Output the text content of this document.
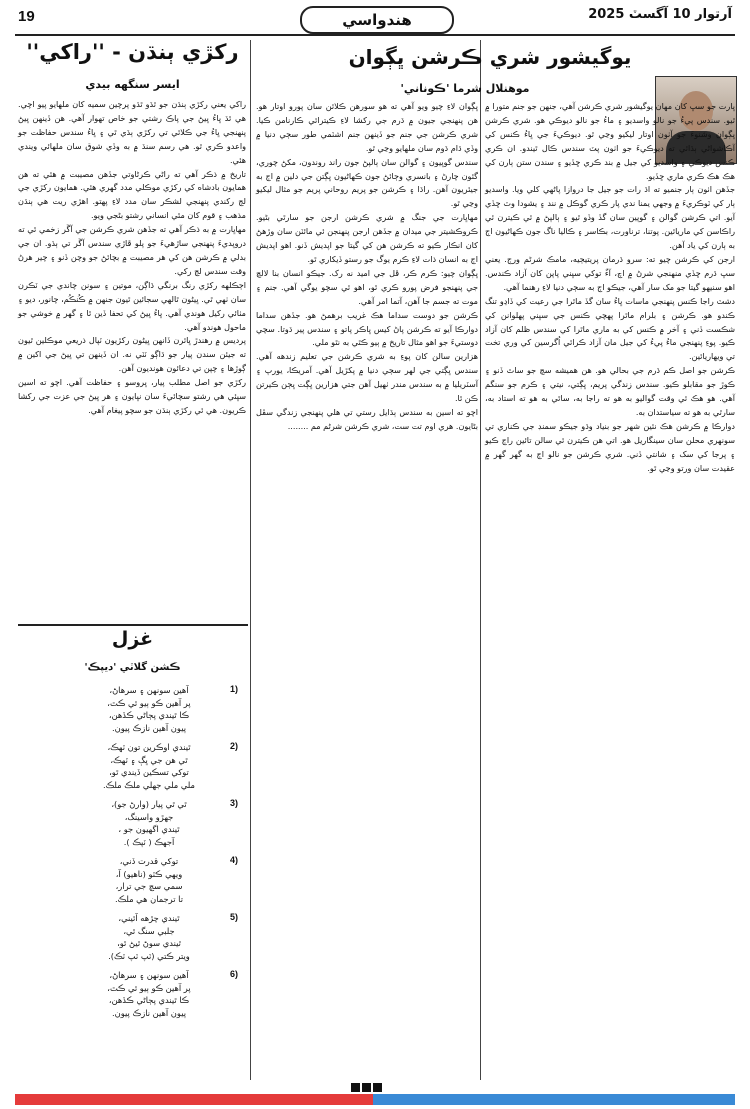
19	هندواسي	آرتوار 10 آگسٽ 2025
يوگيشور شري ڪرشن ڀڳوان
موهنلال شرما 'ڪوناني'

ڀارت جو سڀ کان مهان يوگيشور شري ڪرشن آهي، جنهن جو جنم متورا ۾ ٿيو. سندس پيءُ جو نالو واسديو ۽ ماءُ جو نالو ديوڪي هو. شري ڪرشن ڀڳوان وشنوءَ جو آٺون اوتار ليکيو وڃي ٿو. ديوڪيءَ جي ڀاءُ ڪنس کي آڪاشواڻي ٻڌائي ته ديوڪيءَ جو اٺون پٽ سندس ڪال ٿيندو. ان ڪري ڪنس ديوڪي ۽ واسديو کي جيل ۾ بند ڪري ڇڏيو ۽ سندن ستن ٻارن کي هڪ هڪ ڪري ماري ڇڏيو.

جڏهن اٺون ٻار جنميو ته اڌ رات جو جيل جا دروازا پاڻهي کلي ويا. واسديو ٻار کي ٽوڪريءَ ۾ وجهي يمنا ندي پار ڪري گوڪل ۾ نند ۽ يشودا وٽ ڇڏي آيو. اتي ڪرشن گوالن ۽ گوپين سان گڏ وڏو ٿيو ۽ ٻالپڻ ۾ ئي ڪيترن ئي راڪاسن کي ماريائين. پوتنا، ترناورت، بڪاسر ۽ ڪاليا ناگ جون ڪهاڻيون اڄ به ٻارن کي ياد آهن.

ارجن کي ڪرشن چيو ته: سرو ڌرمان پريتيڄيه، مامڪ شرڻم ورڄ. يعني سڀ ڌرم ڇڏي منهنجي شرڻ ۾ اچ، آءٌ توکي سڀني پاپن کان آزاد ڪندس. اهو سنيهو گيتا جو مک سار آهي، جيڪو اڄ به سڄي دنيا لاءِ رهنما آهي.

دشٽ راجا ڪنس پنهنجي ماسات ڀاءُ سان گڏ ماٿرا جي رعيت کي ڏاڍو تنگ ڪندو هو. ڪرشن ۽ بلرام ماٿرا پهچي ڪنس جي سڀني پهلوانن کي شڪست ڏني ۽ آخر ۾ ڪنس کي به ماري ماٿرا کي سندس ظلم کان آزاد ڪيو. پوءِ پنهنجي ماءُ پيءُ کي جيل مان آزاد ڪرائي اُگرسين کي وري تخت تي ويهاريائين.

ڪرشن جو اصل ڪم ڌرم جي بحالي هو. هن هميشه سچ جو ساٿ ڏنو ۽ ڪوڙ جو مقابلو ڪيو. سندس زندگي پريم، ڀڳتي، نيتي ۽ ڪرم جو سنگم آهي. هو هڪ ئي وقت گواليو به هو ته راجا به، ساٿي به هو ته استاد به، سارٿي به هو ته سياستدان به.

دوارڪا ۾ ڪرشن هڪ نئين شهر جو بنياد وڌو جيڪو سمنڊ جي ڪناري تي سونهري محلن سان سينگاريل هو. اتي هن ڪيترن ئي سالن تائين راڄ ڪيو ۽ پرجا کي سک ۽ شانتي ڏني. شري ڪرشن جو نالو اڄ به گهر گهر ۾ عقيدت سان ورتو وڃي ٿو.

ڀڳوان لاءِ چيو ويو آهي ته هو سورهن ڪلائن سان پورو اوتار هو. هن پنهنجي جيون ۾ ڌرم جي رکشا لاءِ ڪيترائي ڪارنامن ڪيا. شري ڪرشن جي جنم جو ڏينهن جنم اشٽمي طور سڄي دنيا ۾ وڏي ڌام ڌوم سان ملهايو وڃي ٿو.

سندس گوپيون ۽ گوالن سان ٻالپڻ جون راند روندون، مکڻ چوري، گئون چارڻ ۽ بانسري وڄائڻ جون ڪهاڻيون ڀڳتن جي دلين ۾ اڄ به جيئريون آهن. راڌا ۽ ڪرشن جو پريم روحاني پريم جو مثال ليکيو وڃي ٿو.

مهاڀارت جي جنگ ۾ شري ڪرشن ارجن جو سارٿي بڻيو. ڪروڪشيتر جي ميدان ۾ جڏهن ارجن پنهنجن ئي مائٽن سان وڙهڻ کان انڪار ڪيو ته ڪرشن هن کي گيتا جو اپديش ڏنو. اهو اپديش اڄ به انسان ذات لاءِ ڪرم يوگ جو رستو ڏيکاري ٿو.

ڀڳوان چيو: ڪرم ڪر، ڦل جي اميد نه رک. جيڪو انسان بنا لالچ جي پنهنجو فرض پورو ڪري ٿو، اهو ئي سچو يوگي آهي. جنم ۽ موت ته جسم جا آهن، آتما امر آهي.

ڪرشن جو دوست سداما هڪ غريب برهمڻ هو. جڏهن سداما دوارڪا آيو ته ڪرشن پاڻ کيس ڀاڪر پاتو ۽ سندس پير ڌوتا. سچي دوستيءَ جو اهو مثال تاريخ ۾ ٻيو ڪٿي به نٿو ملي.

هزارين سالن کان پوءِ به شري ڪرشن جي تعليم زندهه آهي. سندس ڀڳتي جي لهر سڄي دنيا ۾ پکڙيل آهي. آمريڪا، يورپ ۽ آسٽريليا ۾ به سندس مندر ٺهيل آهن جتي هزارين ڀڳت ڀڄن ڪيرتن ڪن ٿا.

اچو ته اسين به سندس ٻڌايل رستي تي هلي پنهنجي زندگي سڦل بڻايون. هري اوم تت ست، شري ڪرشن شرڻم مم ........

رکڙي ٻنڌن - ''راکي''
ايسر سنگهه بيدي

راکي يعني رکڙي ٻنڌن جو ٿڌو ٿڌو پرچين سميه کان ملهايو پيو اچي. هي ٿڌ ڀاءُ ڀيڻ جي پاڪ رشتي جو خاص تهوار آهي. هن ڏينهن ڀيڻ پنهنجي ڀاءُ جي ڪلائي تي رکڙي ٻڌي ٿي ۽ ڀاءُ سندس حفاظت جو واعدو ڪري ٿو. هي رسم سنڌ ۾ به وڏي شوق سان ملهائي ويندي هئي.

تاريخ ۾ ذڪر آهي ته راڻي ڪرڻاوتي جڏهن مصيبت ۾ هئي ته هن همايون بادشاه کي رکڙي موڪلي مدد گهري هئي. همايون رکڙي جي لڄ رکندي پنهنجي لشڪر سان مدد لاءِ پهتو. اهڙي ريت هي ٻنڌن مذهب ۽ قوم کان مٿي انساني رشتو بڻجي ويو.

مهاڀارت ۾ به ذڪر آهي ته جڏهن شري ڪرشن جي آڱر زخمي ٿي ته دروپديءَ پنهنجي ساڙهيءَ جو پلو ڦاڙي سندس آڱر تي ٻڌو. ان جي بدلي ۾ ڪرشن هن کي هر مصيبت ۾ بچائڻ جو وچن ڏنو ۽ چير هرڻ وقت سندس لڄ رکي.

اڄڪلهه رکڙي رنگ برنگي ڌاڳن، موتين ۽ سونن چاندي جي ٽڪرن سان ٺهي ٿي. ڀيڻون ٿالهي سجائين ٿيون جنهن ۾ ڪُنڪُم، چانور، ديو ۽ مٺائي رکيل هوندي آهي. ڀاءُ ڀيڻ کي تحفا ڏين ٿا ۽ گهر ۾ خوشي جو ماحول هوندو آهي.

پرديس ۾ رهندڙ ڀائرن ڏانهن ڀيڻون رکڙيون ٽپال ذريعي موڪلين ٿيون ته جيئن سندن پيار جو ڌاڳو ٽٽي نه. ان ڏينهن تي ڀيڻ جي اکين ۾ ڳوڙها ۽ چپن تي دعائون هونديون آهن.

رکڙي جو اصل مطلب پيار، ڀروسو ۽ حفاظت آهي. اچو ته اسين سڀئي هي رشتو سچائيءَ سان نڀايون ۽ هر ڀيڻ جي عزت جي رکشا ڪريون. هي ئي رکڙي ٻنڌن جو سچو پيغام آهي.

غزل
ڪشن گلاٽي 'ديپڪ'
1)
آهين سونهن ۽ سرهاڻ،
پر آهين ڪو ٻيو ئي ڪٿ،
ڪا ٿيندي پڄاڻي ڪڏهن،
پيون آهين نازڪ پيون.
2)
ٿيندي اوڪرين تون ٽهڪ،
ٿي هن جي ڀڳ ۽ ٽهڪ،
توکي تسڪين ڏيندي ٿو،
ملي ملي جهلي ملڪ ملڪ.
3)
ٿي ٿي پيار (وارڻ جو)،
جهڙو واسينگ،
ٿيندي اگهيون جو ،
آجهڪ ( ٽپڪ ).
4)
توکي قدرت ڏني،
ويهي ڪٽو (ناهيو) آ،
سمي سچ جي ترار،
تا ترجمان هي ملڪ.
5)
ٿيندي چڙهه آئيني،
جلبي سنگ ٿي،
ٿيندي سوڻ ٿيڻ ٿو،
ويتر ڪتي (ٽپ ٽپ ٽڪ).
6)
آهين سونهن ۽ سرهاڻ،
پر آهين ڪو ٻيو ئي ڪٿ،
ڪا ٿيندي پڄاڻي ڪڏهن،
پيون آهين نازڪ پيون.
